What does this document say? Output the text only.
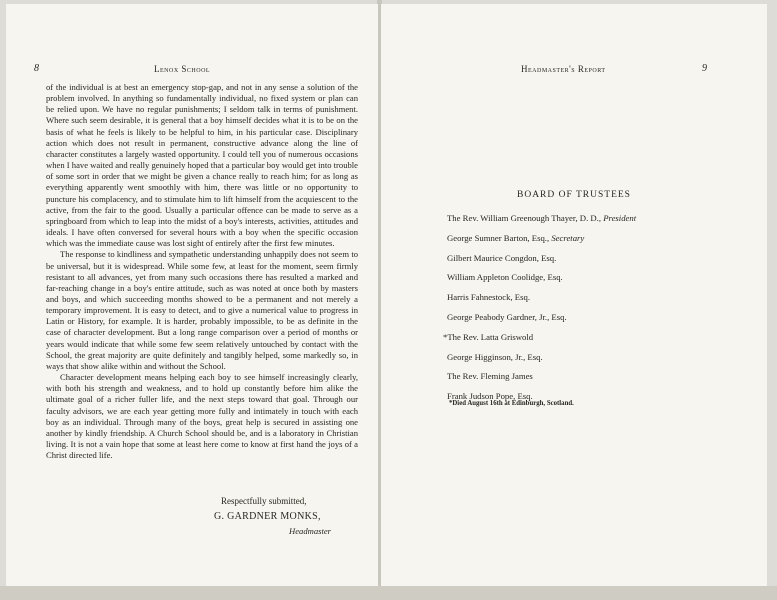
8	Lenox School

of the individual is at best an emergency stop-gap, and not in any sense a solution of the problem involved. In anything so fundamentally individual, no fixed system or plan can be relied upon. We have no regular punishments; I seldom talk in terms of punishment. Where such seem desirable, it is general that a boy himself decides what it is to be on the basis of what he feels is likely to be helpful to him, in his particular case. Disciplinary action which does not result in permanent, constructive advance along the line of character constitutes a largely wasted opportunity. I could tell you of numerous occasions when I have waited and really genuinely hoped that a particular boy would get into trouble of some sort in order that we might be given a chance really to reach him; for as long as everything apparently went smoothly with him, there was little or no opportunity to puncture his complacency, and to stimulate him to lift himself from the acquiescent to the active, from the fair to the good. Usually a particular offence can be made to serve as a springboard from which to leap into the midst of a boy's interests, activities, attitudes and ideals. I have often conversed for several hours with a boy when the specific occasion which was the immediate cause was lost sight of entirely after the first few minutes.

The response to kindliness and sympathetic understanding unhappily does not seem to be universal, but it is widespread. While some few, at least for the moment, seem firmly resistant to all advances, yet from many such occasions there has resulted a marked and far-reaching change in a boy's entire attitude, such as was noted at once both by masters and boys, and which succeeding months showed to be a permanent and not merely a temporary improvement. It is easy to detect, and to give a numerical value to progress in Latin or History, for example. It is harder, probably impossible, to be as definite in the case of character development. But a long range comparison over a period of months or years would indicate that while some few seem relatively untouched by contact with the School, the great majority are quite definitely and tangibly helped, some markedly so, in ways that show alike within and without the School.

Character development means helping each boy to see himself increasingly clearly, with both his strength and weakness, and to hold up constantly before him alike the ultimate goal of a richer fuller life, and the next steps toward that goal. Through our faculty advisors, we are each year getting more fully and intimately in touch with each boy as an individual. Through many of the boys, great help is secured in assisting one another by kindly friendship. A Church School should be, and is a laboratory in Christian living. It is not a vain hope that some at least here come to know at first hand the joys of a Christ directed life.

Respectfully submitted,
G. GARDNER MONKS,
Headmaster
Headmaster's Report	9
BOARD OF TRUSTEES
The Rev. William Greenough Thayer, D. D., President
George Sumner Barton, Esq., Secretary
Gilbert Maurice Congdon, Esq.
William Appleton Coolidge, Esq.
Harris Fahnestock, Esq.
George Peabody Gardner, Jr., Esq.
*The Rev. Latta Griswold
George Higginson, Jr., Esq.
The Rev. Fleming James
Frank Judson Pope, Esq.
*Died August 16th at Edinburgh, Scotland.
